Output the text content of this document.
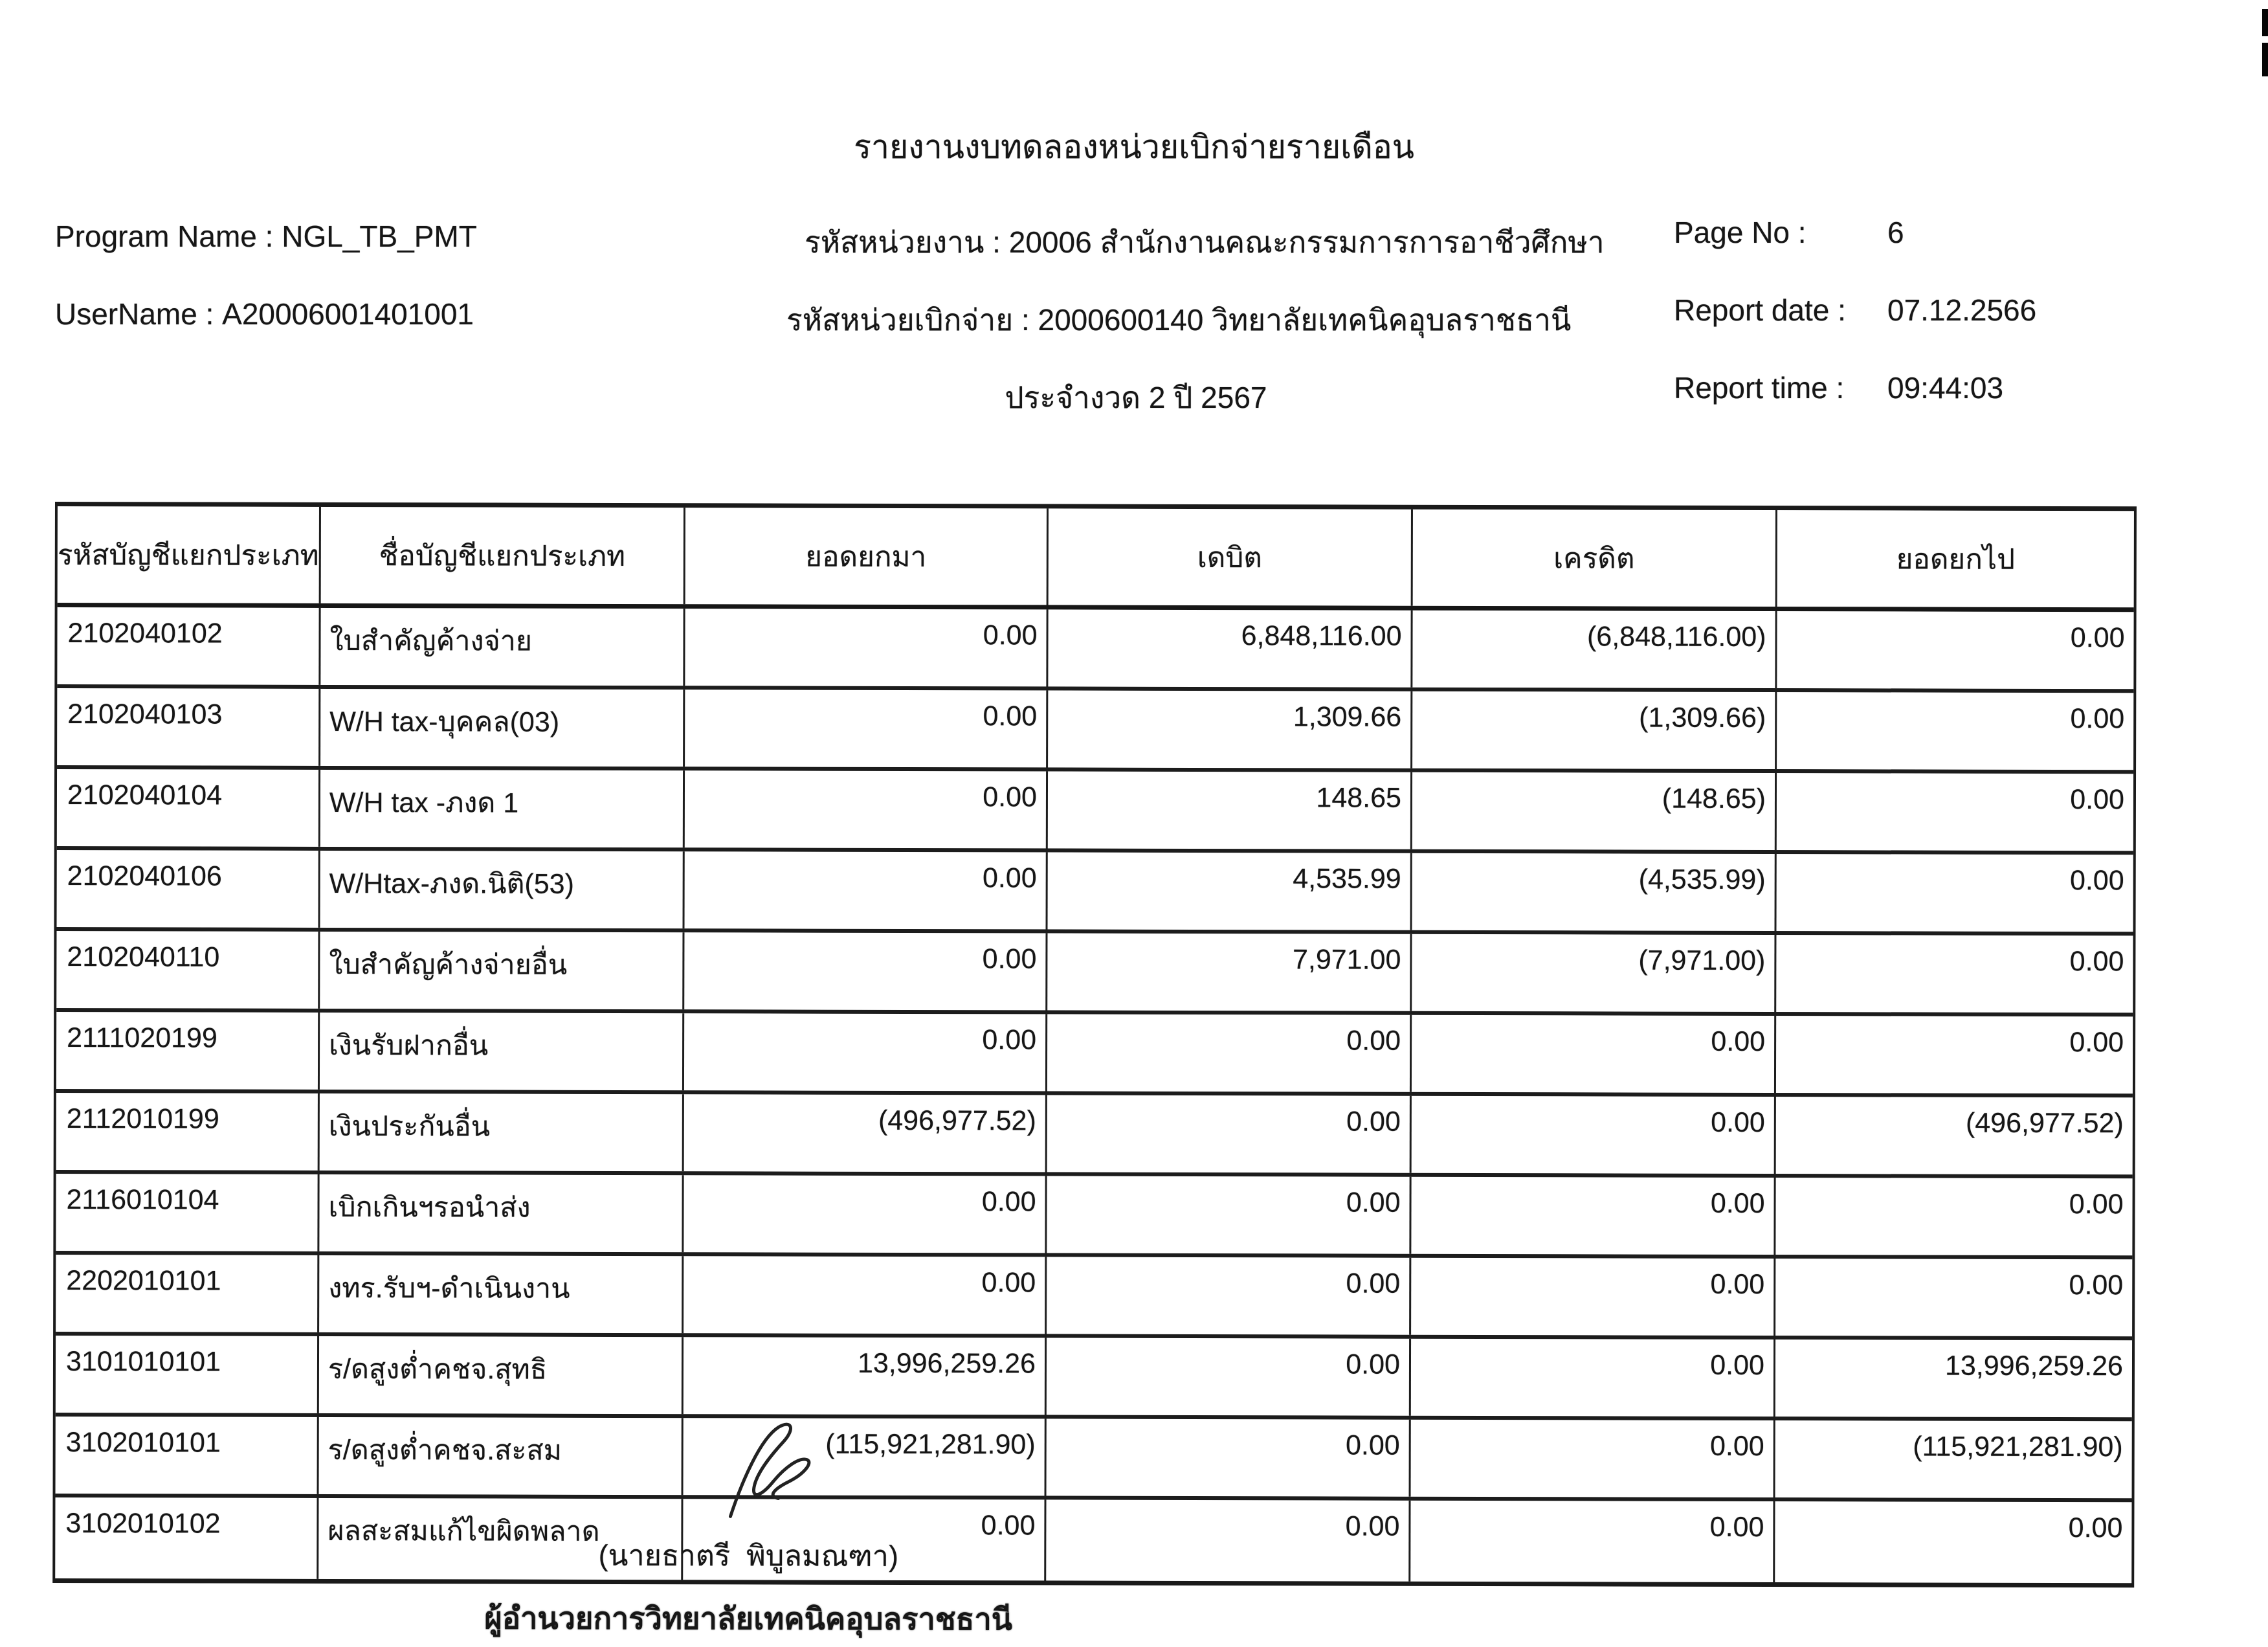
รายงานงบทดลองหน่วยเบิกจ่ายรายเดือน
Program Name : NGL_TB_PMT
UserName : A20006001401001
รหัสหน่วยงาน : 20006 สำนักงานคณะกรรมการการอาชีวศึกษา
รหัสหน่วยเบิกจ่าย : 2000600140 วิทยาลัยเทคนิคอุบลราชธานี
ประจำงวด 2 ปี 2567
Page No :	6
Report date :	07.12.2566
Report time :	09:44:03
รหัสบัญชีแยกประเภท	ชื่อบัญชีแยกประเภท	ยอดยกมา	เดบิต	เครดิต	ยอดยกไป
2102040102	ใบสำคัญค้างจ่าย	0.00	6,848,116.00	(6,848,116.00)	0.00
2102040103	W/H tax-บุคคล(03)	0.00	1,309.66	(1,309.66)	0.00
2102040104	W/H tax -ภงด 1	0.00	148.65	(148.65)	0.00
2102040106	W/Htax-ภงด.นิติ(53)	0.00	4,535.99	(4,535.99)	0.00
2102040110	ใบสำคัญค้างจ่ายอื่น	0.00	7,971.00	(7,971.00)	0.00
2111020199	เงินรับฝากอื่น	0.00	0.00	0.00	0.00
2112010199	เงินประกันอื่น	(496,977.52)	0.00	0.00	(496,977.52)
2116010104	เบิกเกินฯรอนำส่ง	0.00	0.00	0.00	0.00
2202010101	งทร.รับฯ-ดำเนินงาน	0.00	0.00	0.00	0.00
3101010101	ร/ดสูงต่ำคชจ.สุทธิ	13,996,259.26	0.00	0.00	13,996,259.26
3102010101	ร/ดสูงต่ำคชจ.สะสม	(115,921,281.90)	0.00	0.00	(115,921,281.90)
3102010102	ผลสะสมแก้ไขผิดพลาด	0.00	0.00	0.00	0.00
(นายธาตรี  พิบูลมณฑา)
ผู้อำนวยการวิทยาลัยเทคนิคอุบลราชธานี
